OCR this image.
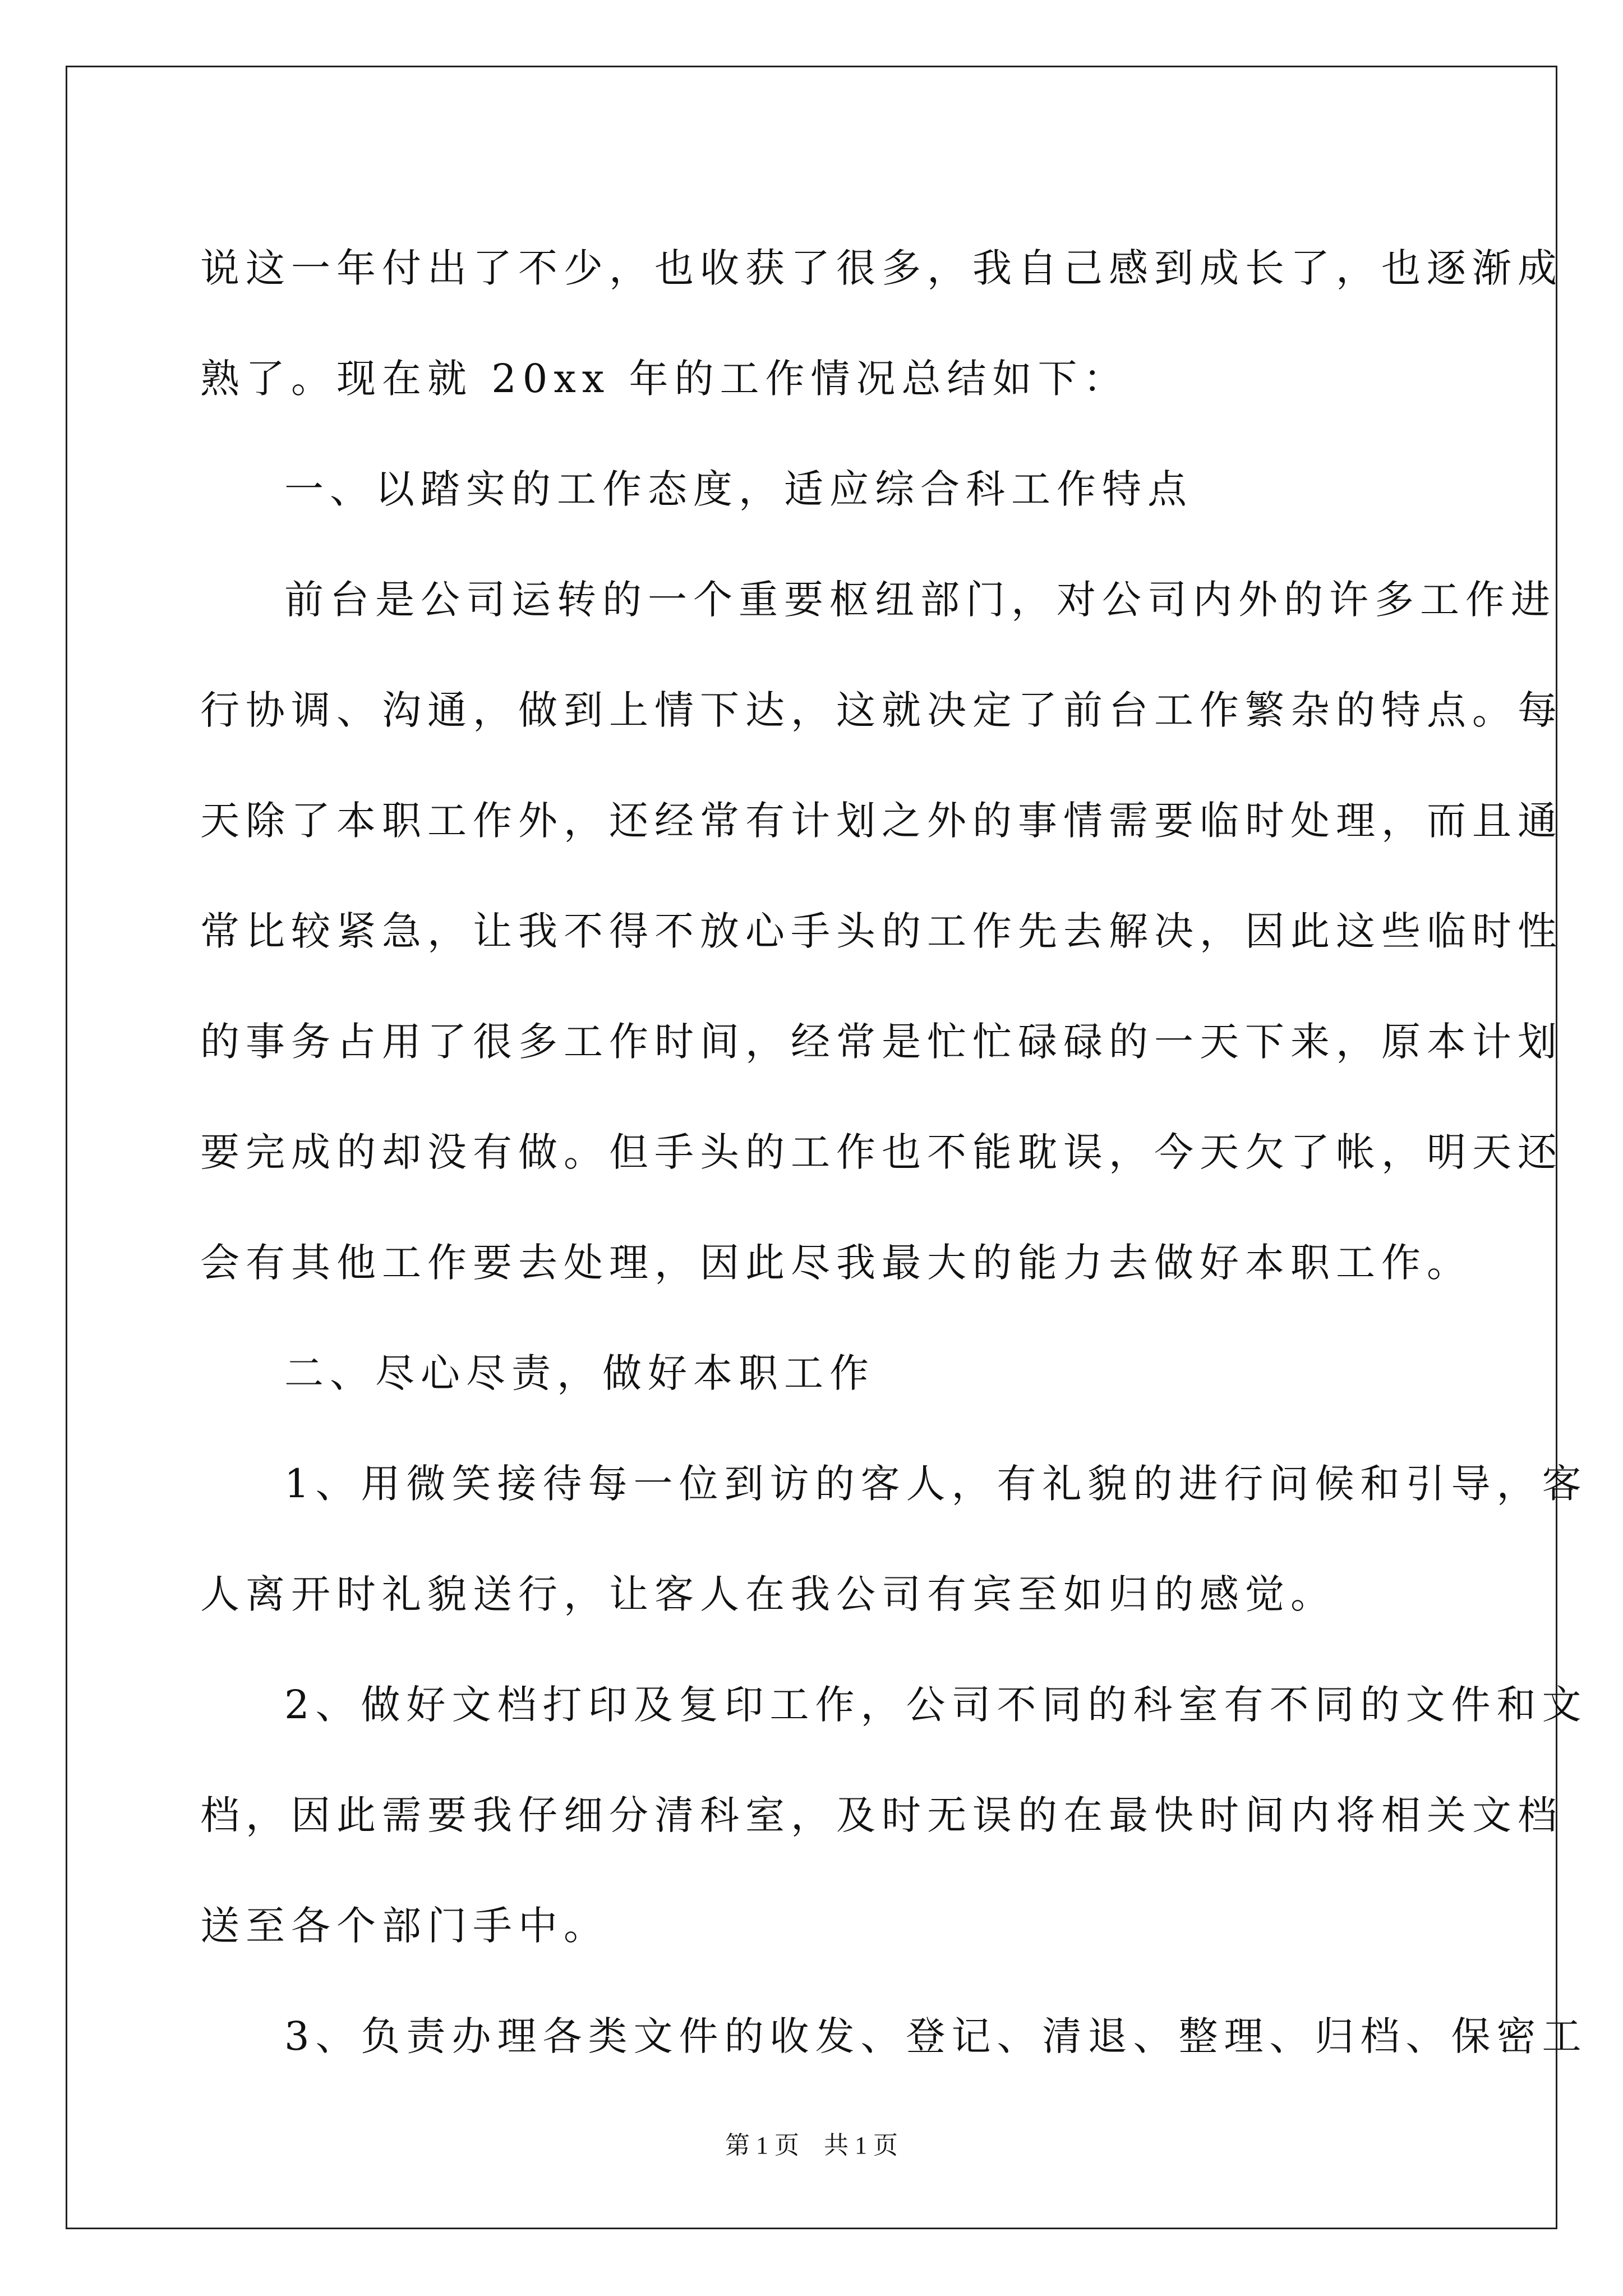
说这一年付出了不少，也收获了很多，我自己感到成长了，也逐渐成
熟了。现在就 20xx 年的工作情况总结如下：
一、以踏实的工作态度，适应综合科工作特点
前台是公司运转的一个重要枢纽部门，对公司内外的许多工作进
行协调、沟通，做到上情下达，这就决定了前台工作繁杂的特点。每
天除了本职工作外，还经常有计划之外的事情需要临时处理，而且通
常比较紧急，让我不得不放心手头的工作先去解决，因此这些临时性
的事务占用了很多工作时间，经常是忙忙碌碌的一天下来，原本计划
要完成的却没有做。但手头的工作也不能耽误，今天欠了帐，明天还
会有其他工作要去处理，因此尽我最大的能力去做好本职工作。
二、尽心尽责，做好本职工作
1、用微笑接待每一位到访的客人，有礼貌的进行问候和引导，客
人离开时礼貌送行，让客人在我公司有宾至如归的感觉。
2、做好文档打印及复印工作，公司不同的科室有不同的文件和文
档，因此需要我仔细分清科室，及时无误的在最快时间内将相关文档
送至各个部门手中。
3、负责办理各类文件的收发、登记、清退、整理、归档、保密工
第 1 页　共 1 页
